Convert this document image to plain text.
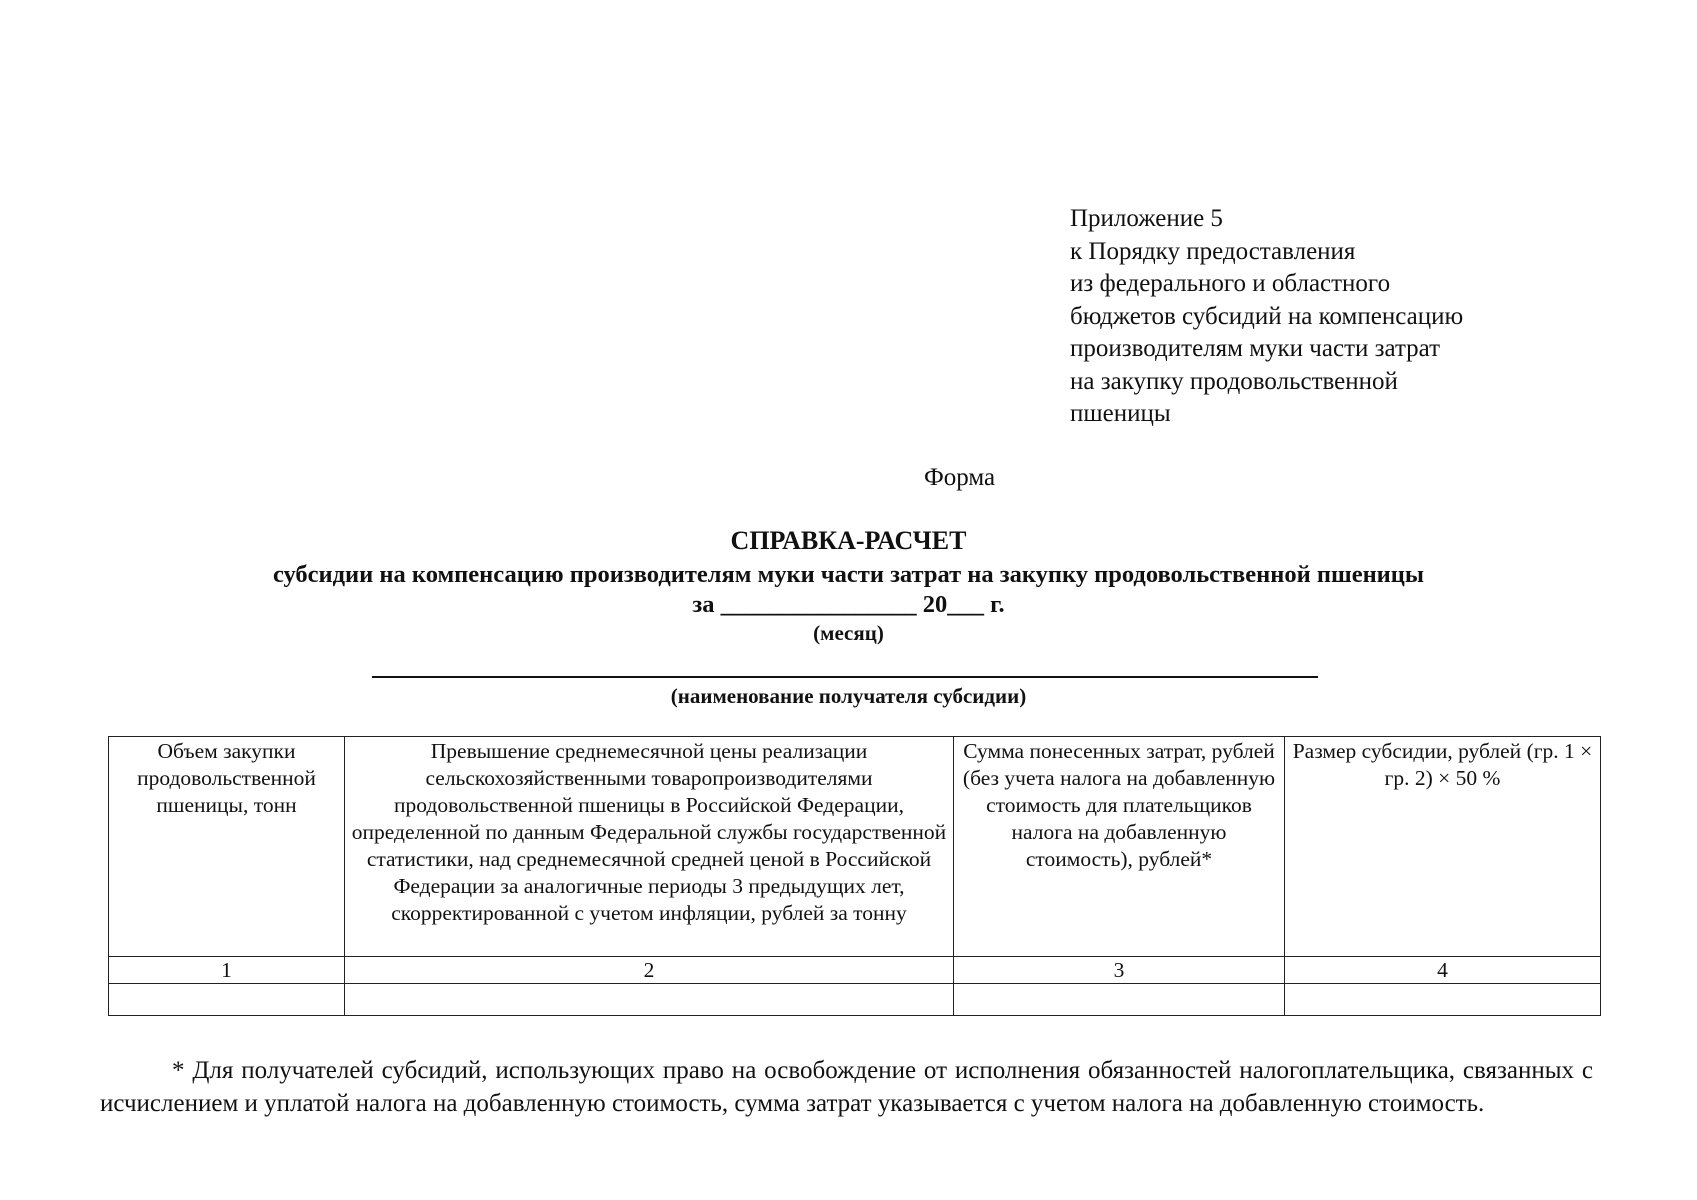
Приложение 5
к Порядку предоставления
из федерального и областного
бюджетов субсидий на компенсацию
производителям муки части затрат
на закупку продовольственной
пшеницы
Форма
СПРАВКА-РАСЧЕТ
субсидии на компенсацию производителям муки части затрат на закупку продовольственной пшеницы
за ________________ 20___ г.
(месяц)
(наименование получателя субсидии)
Объем закупки продовольственной пшеницы, тонн	Превышение среднемесячной цены реализации сельскохозяйственными товаропроизводителями продовольственной пшеницы в Российской Федерации, определенной по данным Федеральной службы государственной статистики, над среднемесячной средней ценой в Российской Федерации за аналогичные периоды 3 предыдущих лет, скорректированной с учетом инфляции, рублей за тонну	Сумма понесенных затрат, рублей (без учета налога на добавленную стоимость для плательщиков налога на добавленную стоимость), рублей*	Размер субсидии, рублей (гр. 1 × гр. 2) × 50 %
1	2	3	4

* Для получателей субсидий, использующих право на освобождение от исполнения обязанностей налогоплательщика, связанных с исчислением и уплатой налога на добавленную стоимость, сумма затрат указывается с учетом налога на добавленную стоимость.
